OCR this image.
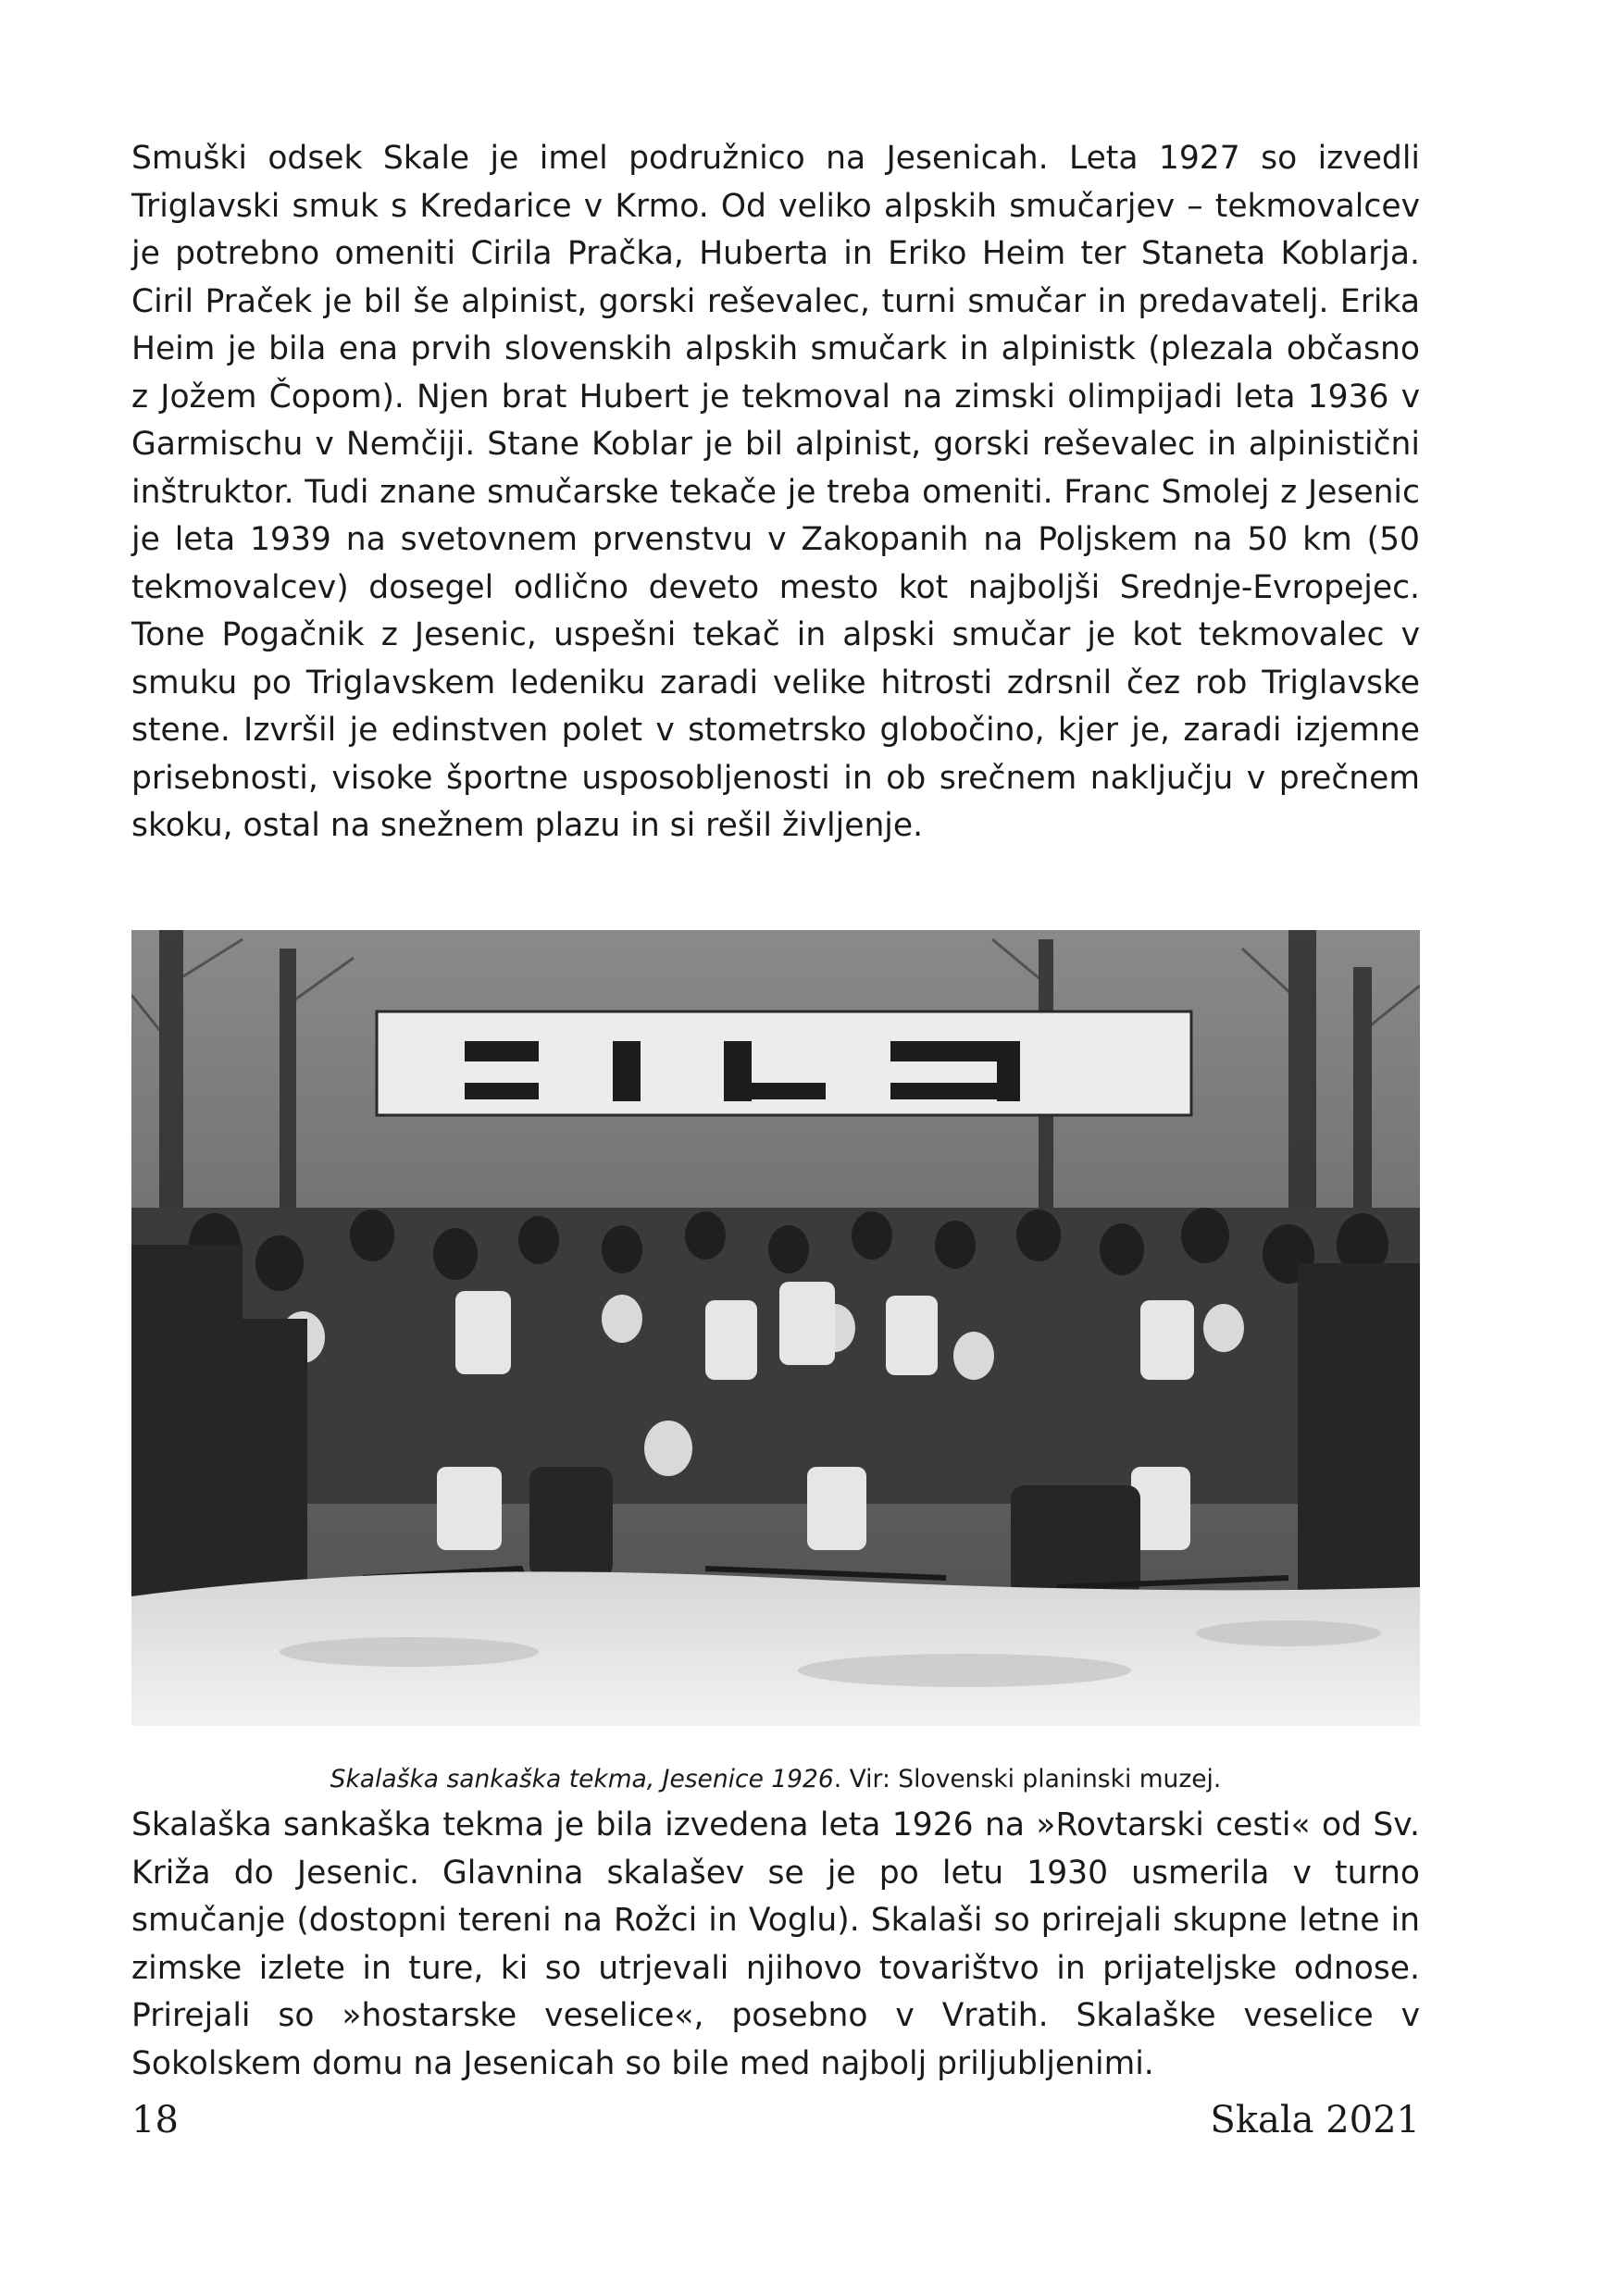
Smuški odsek Skale je imel podružnico na Jesenicah. Leta 1927 so izvedli Triglavski smuk s Kredarice v Krmo. Od veliko alpskih smučarjev – tekmovalcev je potrebno omeniti Cirila Pračka, Huberta in Eriko Heim ter Staneta Koblarja. Ciril Praček je bil še alpinist, gorski reševalec, turni smučar in predavatelj. Erika Heim je bila ena prvih slovenskih alpskih smučark in alpinistk (plezala občasno z Jožem Čopom). Njen brat Hubert je tekmoval na zimski olimpijadi leta 1936 v Garmischu v Nemčiji. Stane Koblar je bil alpinist, gorski reševalec in alpinistični inštruktor. Tudi znane smučarske tekače je treba omeniti. Franc Smolej z Jesenic je leta 1939 na svetovnem prvenstvu v Zakopanih na Poljskem na 50 km (50 tekmovalcev) dosegel odlično deveto mesto kot najboljši Srednje-Evropejec. Tone Pogačnik z Jesenic, uspešni tekač in alpski smučar je kot tekmovalec v smuku po Triglavskem ledeniku zaradi velike hitrosti zdrsnil čez rob Triglavske stene. Izvršil je edinstven polet v stometrsko globočino, kjer je, zaradi izjemne prisebnosti, visoke športne usposobljenosti in ob srečnem naključju v prečnem skoku, ostal na snežnem plazu in si rešil življenje.

Skalaška sankaška tekma, Jesenice 1926. Vir: Slovenski planinski muzej.

Skalaška sankaška tekma je bila izvedena leta 1926 na »Rovtarski cesti« od Sv. Križa do Jesenic. Glavnina skalašev se je po letu 1930 usmerila v turno smučanje (dostopni tereni na Rožci in Voglu). Skalaši so prirejali skupne letne in zimske izlete in ture, ki so utrjevali njihovo tovarištvo in prijateljske odnose. Prirejali so »hostarske veselice«, posebno v Vratih. Skalaške veselice v Sokolskem domu na Jesenicah so bile med najbolj priljubljenimi.

18	Skala 2021
